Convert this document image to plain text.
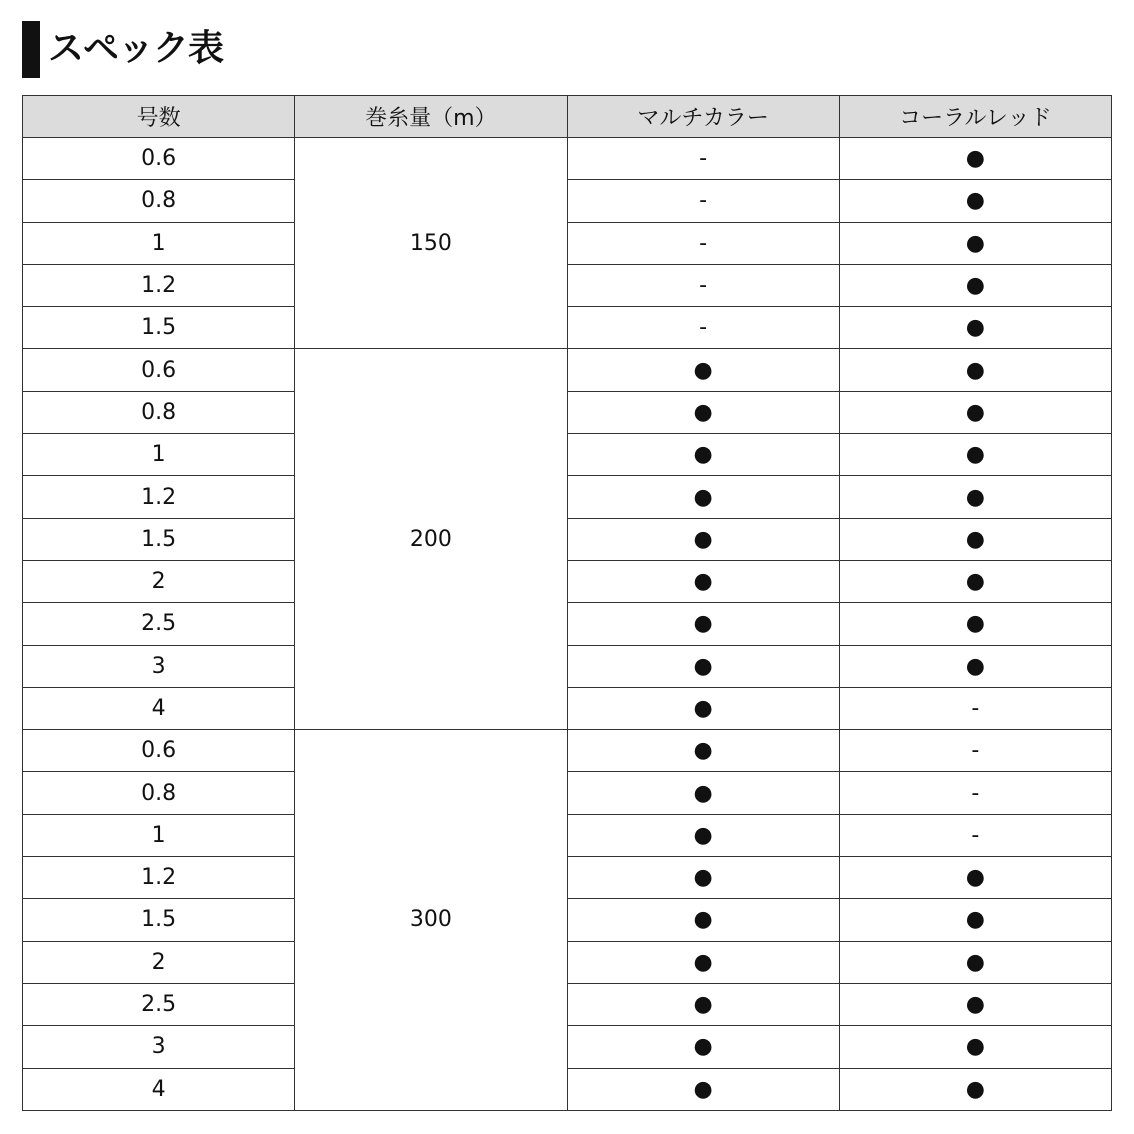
スペック表
号数	巻糸量（m）	マルチカラー	コーラルレッド
0.6	150	-	●
0.8		-	●
1		-	●
1.2		-	●
1.5		-	●
0.6	200	●	●
0.8		●	●
1		●	●
1.2		●	●
1.5		●	●
2		●	●
2.5		●	●
3		●	●
4		●	-
0.6	300	●	-
0.8		●	-
1		●	-
1.2		●	●
1.5		●	●
2		●	●
2.5		●	●
3		●	●
4		●	●
